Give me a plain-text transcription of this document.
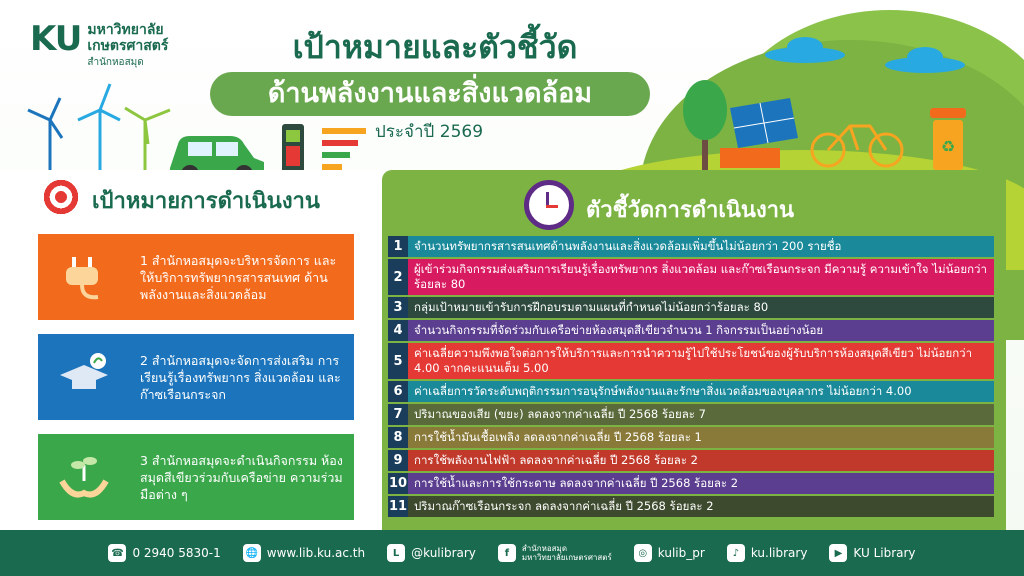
♻
KU มหาวิทยาลัย
เกษตรศาสตร์
สำนักหอสมุด	เป้าหมายและตัวชี้วัด
ด้านพลังงานและสิ่งแวดล้อม
ประจำปี 2569
เป้าหมายการดำเนินงาน
1 สำนักหอสมุดจะบริหารจัดการ และให้บริการทรัพยากรสารสนเทศ ด้านพลังงานและสิ่งแวดล้อม
2 สำนักหอสมุดจะจัดการส่งเสริม การเรียนรู้เรื่องทรัพยากร สิ่งแวดล้อม และก๊าซเรือนกระจก
3 สำนักหอสมุดจะดำเนินกิจกรรม ห้องสมุดสีเขียวร่วมกับเครือข่าย ความร่วมมือต่าง ๆ
ตัวชี้วัดการดำเนินงาน
1 จำนวนทรัพยากรสารสนเทศด้านพลังงานและสิ่งแวดล้อมเพิ่มขึ้นไม่น้อยกว่า 200 รายชื่อ
2
ผู้เข้าร่วมกิจกรรมส่งเสริมการเรียนรู้เรื่องทรัพยากร สิ่งแวดล้อม และก๊าซเรือนกระจก มีความรู้ ความเข้าใจ ไม่น้อยกว่าร้อยละ 80
3 กลุ่มเป้าหมายเข้ารับการฝึกอบรมตามแผนที่กำหนดไม่น้อยกว่าร้อยละ 80
4 จำนวนกิจกรรมที่จัดร่วมกับเครือข่ายห้องสมุดสีเขียวจำนวน 1 กิจกรรมเป็นอย่างน้อย
5
ค่าเฉลี่ยความพึงพอใจต่อการให้บริการและการนำความรู้ไปใช้ประโยชน์ของผู้รับบริการห้องสมุดสีเขียว ไม่น้อยกว่า 4.00 จากคะแนนเต็ม 5.00
6 ค่าเฉลี่ยการวัดระดับพฤติกรรมการอนุรักษ์พลังงานและรักษาสิ่งแวดล้อมของบุคลากร ไม่น้อยกว่า 4.00
7 ปริมาณของเสีย (ขยะ) ลดลงจากค่าเฉลี่ย ปี 2568 ร้อยละ 7
8 การใช้น้ำมันเชื้อเพลิง ลดลงจากค่าเฉลี่ย ปี 2568 ร้อยละ 1
9 การใช้พลังงานไฟฟ้า ลดลงจากค่าเฉลี่ย ปี 2568 ร้อยละ 2
10 การใช้น้ำและการใช้กระดาษ ลดลงจากค่าเฉลี่ย ปี 2568 ร้อยละ 2
11 ปริมาณก๊าซเรือนกระจก ลดลงจากค่าเฉลี่ย ปี 2568 ร้อยละ 2
☎ 0 2940 5830-1 🌐 www.lib.ku.ac.th	L @kulibrary	f	สำนักหอสมุด
มหาวิทยาลัยเกษตรศาสตร์	◎ kulib_pr	♪ ku.library	▶ KU Library
